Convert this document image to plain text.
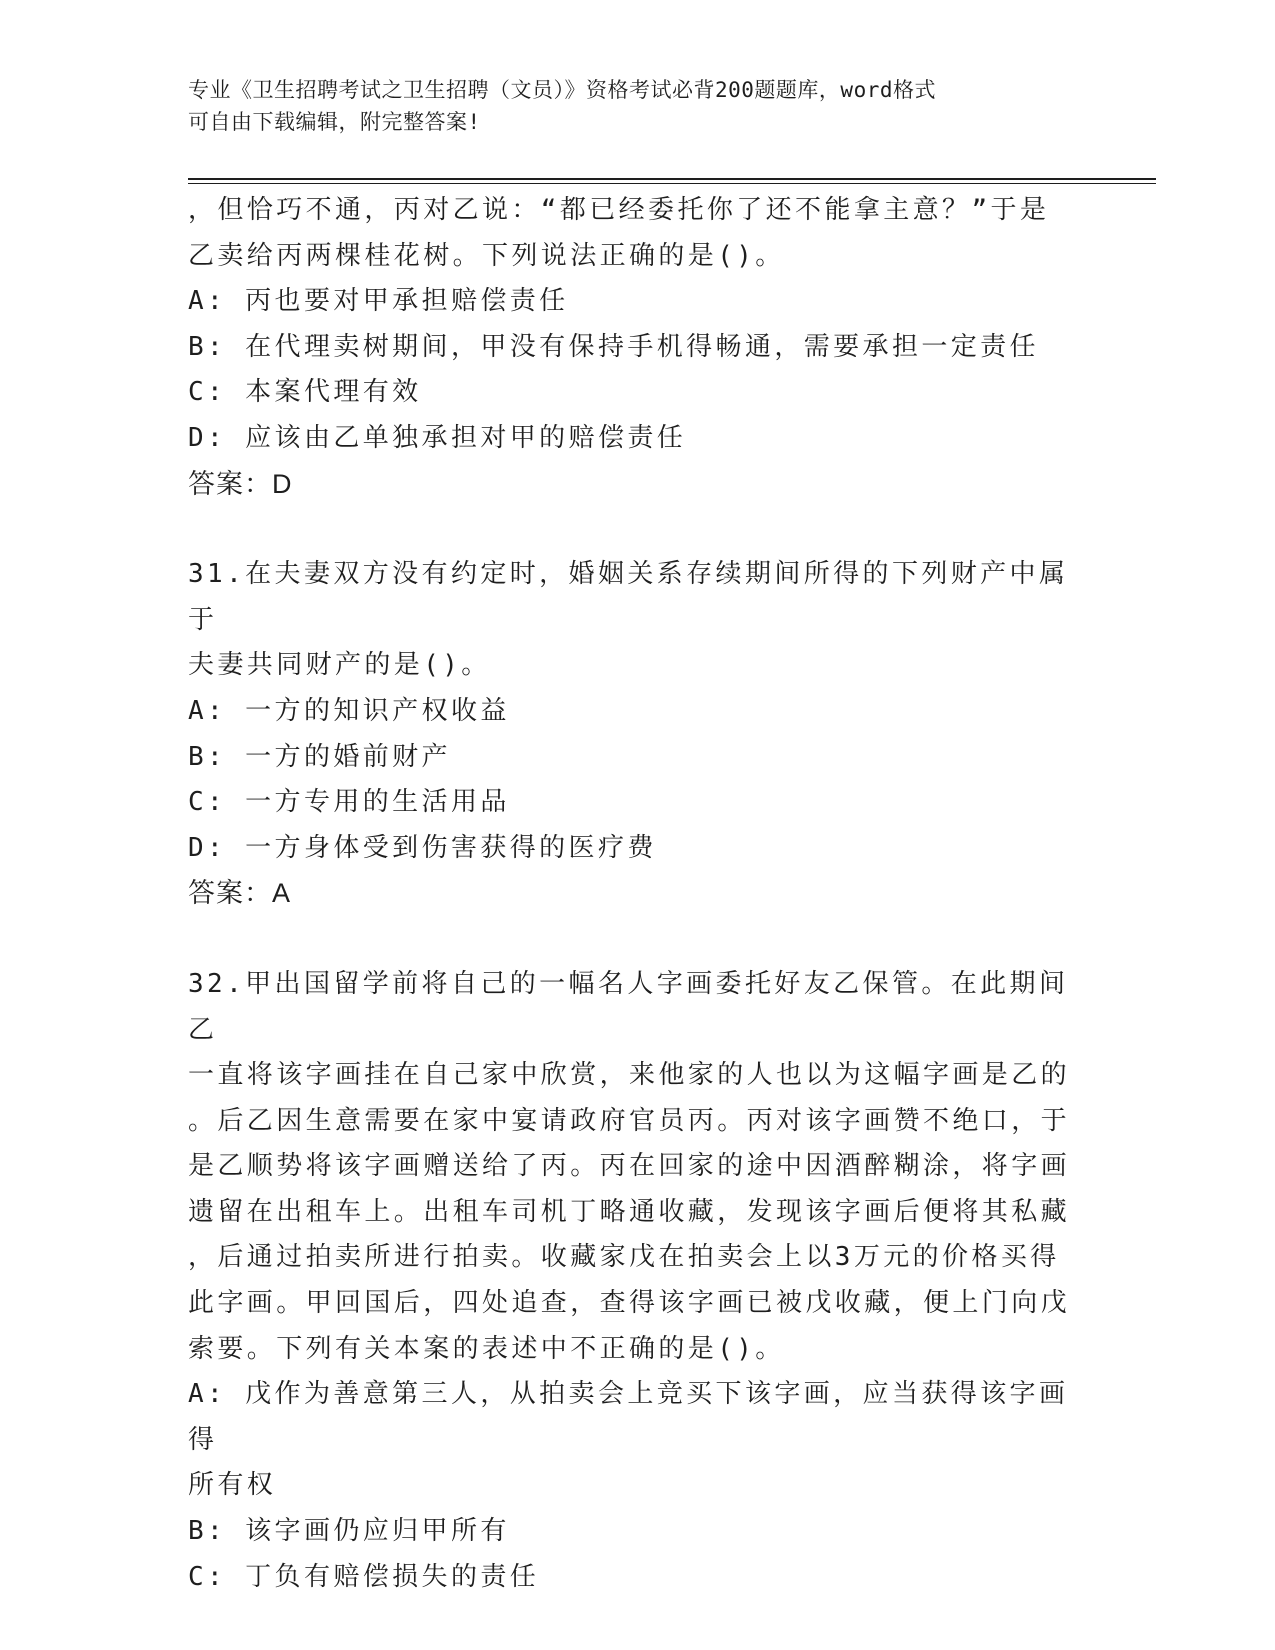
专业《卫生招聘考试之卫生招聘（文员）》资格考试必背200题题库，word格式
可自由下载编辑，附完整答案!

，但恰巧不通，丙对乙说：“都已经委托你了还不能拿主意？”于是

乙卖给丙两棵桂花树。下列说法正确的是()。

A: 丙也要对甲承担赔偿责任

B: 在代理卖树期间，甲没有保持手机得畅通，需要承担一定责任

C: 本案代理有效

D: 应该由乙单独承担对甲的赔偿责任

答案：D

31.在夫妻双方没有约定时，婚姻关系存续期间所得的下列财产中属于

夫妻共同财产的是()。

A: 一方的知识产权收益

B: 一方的婚前财产

C: 一方专用的生活用品

D: 一方身体受到伤害获得的医疗费

答案：A

32.甲出国留学前将自己的一幅名人字画委托好友乙保管。在此期间乙

一直将该字画挂在自己家中欣赏，来他家的人也以为这幅字画是乙的

。后乙因生意需要在家中宴请政府官员丙。丙对该字画赞不绝口，于

是乙顺势将该字画赠送给了丙。丙在回家的途中因酒醉糊涂，将字画

遗留在出租车上。出租车司机丁略通收藏，发现该字画后便将其私藏

，后通过拍卖所进行拍卖。收藏家戊在拍卖会上以3万元的价格买得

此字画。甲回国后，四处追查，查得该字画已被戊收藏，便上门向戊

索要。下列有关本案的表述中不正确的是()。

A: 戊作为善意第三人，从拍卖会上竞买下该字画，应当获得该字画得

所有权

B: 该字画仍应归甲所有

C: 丁负有赔偿损失的责任
